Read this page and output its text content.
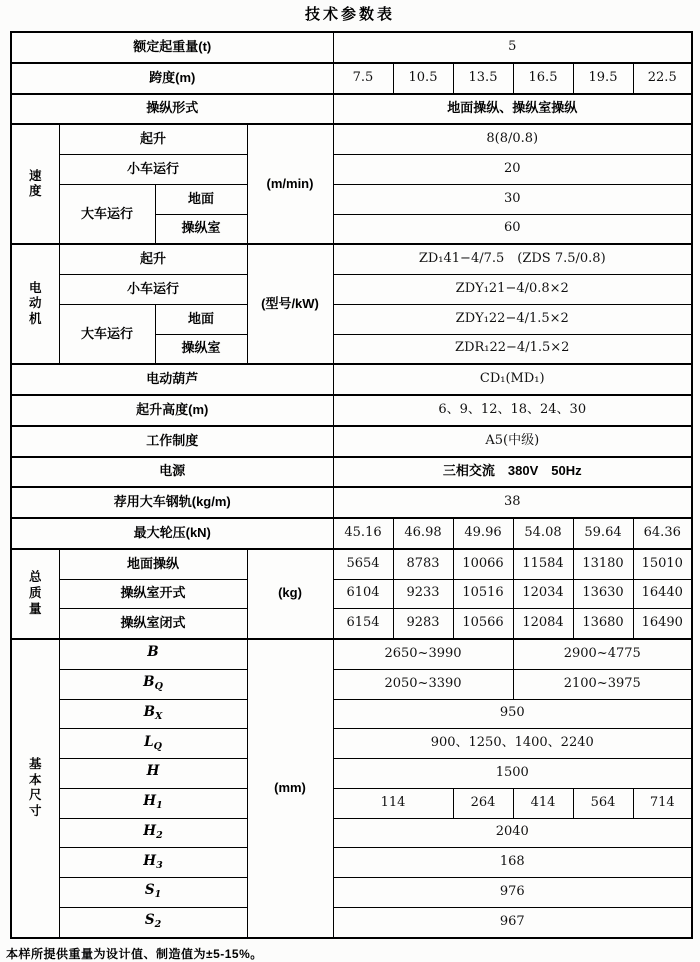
技术参数表
额定起重量(t)				5					
跨度(m)				7.5	10.5	13.5	16.5	19.5	22.5
操纵形式				地面操纵、操纵室操纵					

速度	起升		(m/min)	8(8/0.8)					
	小车运行			20					
	大车运行	地面		30					
		操纵室		60					

电动机	起升		(型号/kW)	ZD₁41−4/7.5　(ZDS 7.5/0.8)					
	小车运行			ZDY₁21−4/0.8×2					
	大车运行	地面		ZDY₁22−4/1.5×2					
		操纵室		ZDR₁22−4/1.5×2					
电动葫芦				CD₁(MD₁)					
起升高度(m)				6、9、12、18、24、30					
工作制度				A5(中级)					
电源				三相交流　380V　50Hz					
荐用大车钢轨(kg/m)				38					
最大轮压(kN)				45.16	46.98	49.96	54.08	59.64	64.36

总质量	地面操纵		(kg)	5654	8783	10066	11584	13180	15010
	操纵室开式			6104	9233	10516	12034	13630	16440
	操纵室闭式			6154	9283	10566	12084	13680	16490

基本尺寸	B		(mm)	2650~3990			2900~4775		
	$B_Q$			2050~3390			2100~3975		
	$B_X$			950					
	$L_Q$			900、1250、1400、2240					
	H			1500					
	$H_1$			114		264	414	564	714
	$H_2$			2040					
	$H_3$			168					
	$S_1$			976					
	$S_2$			967					
本样所提供重量为设计值、制造值为±5-15%。
